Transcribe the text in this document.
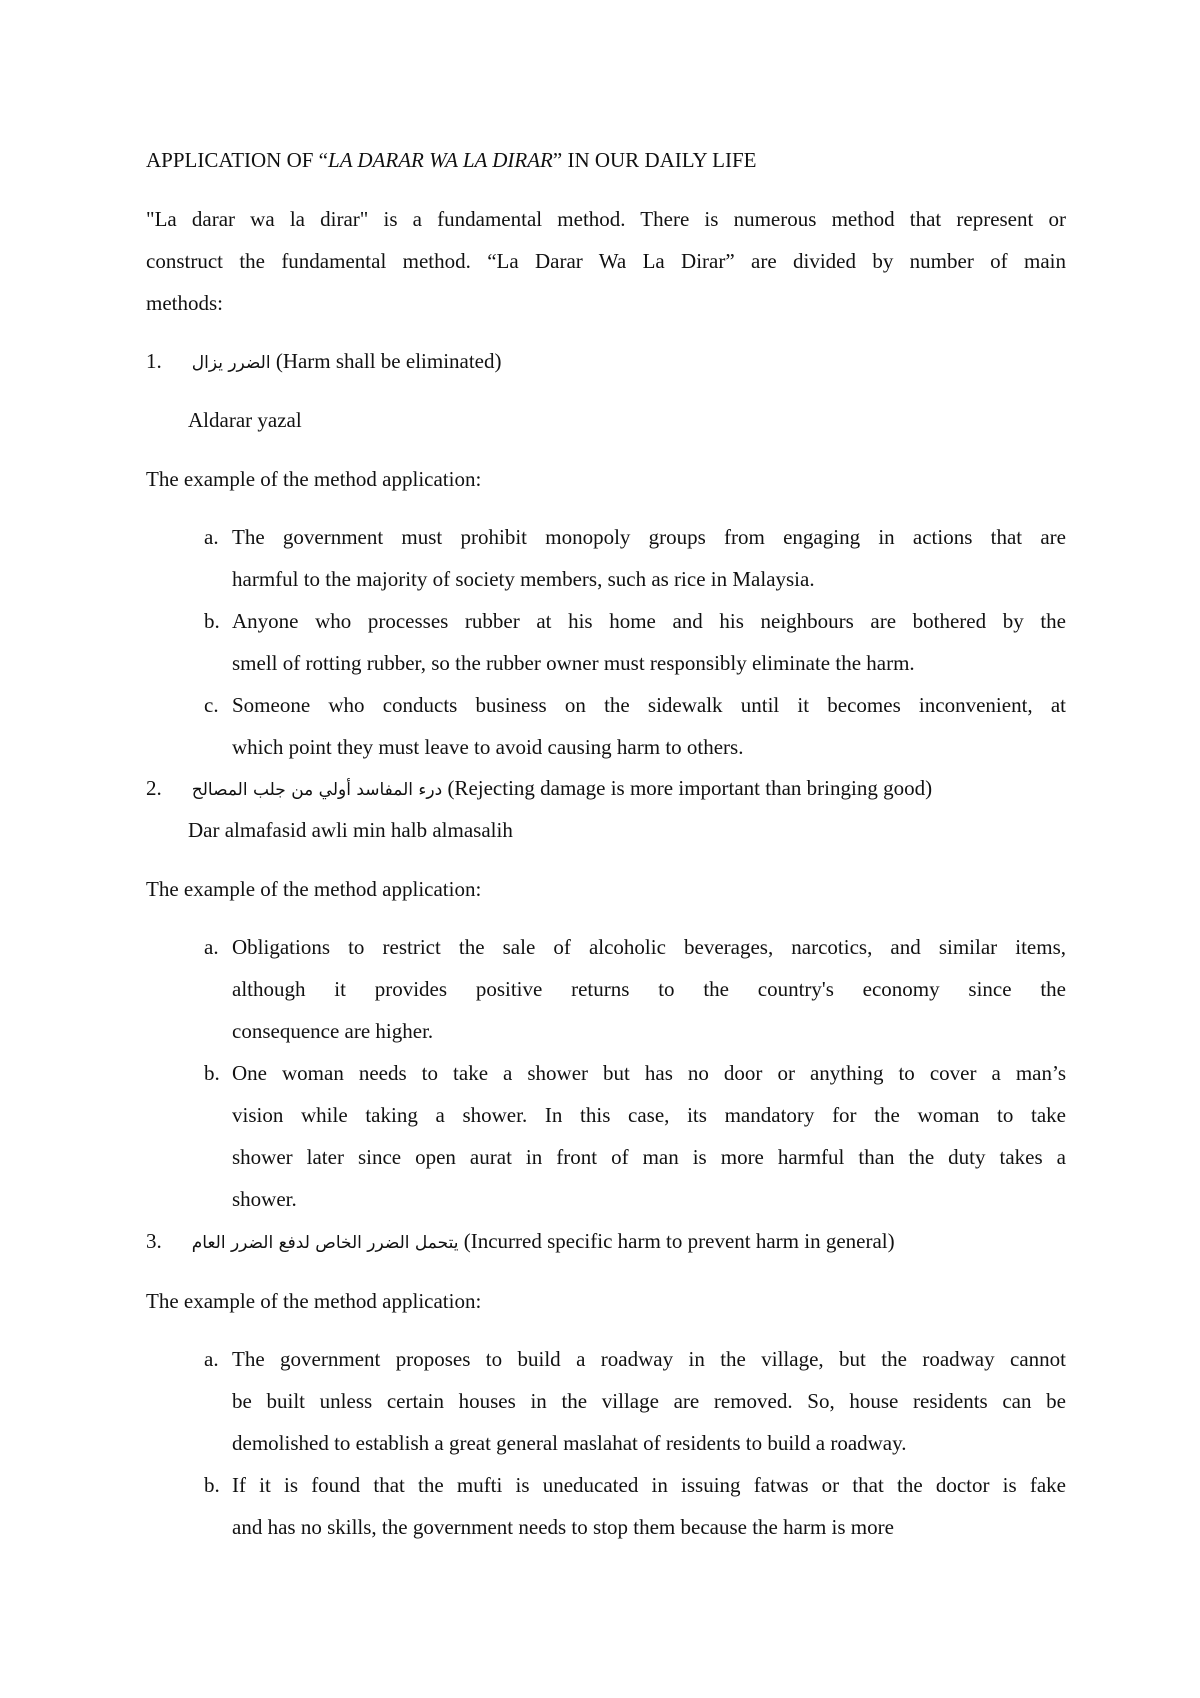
APPLICATION OF “LA DARAR WA LA DIRAR” IN OUR DAILY LIFE
"La darar wa la dirar" is a fundamental method. There is numerous method that represent or
construct the fundamental method. “La Darar Wa La Dirar” are divided by number of main
methods:
1. الضرر يزال (Harm shall be eliminated)
Aldarar yazal
The example of the method application:
a. The government must prohibit monopoly groups from engaging in actions that are
harmful to the majority of society members, such as rice in Malaysia.
b. Anyone who processes rubber at his home and his neighbours are bothered by the
smell of rotting rubber, so the rubber owner must responsibly eliminate the harm.
c. Someone who conducts business on the sidewalk until it becomes inconvenient, at
which point they must leave to avoid causing harm to others.
2. درء المفاسد أولي من جلب المصالح (Rejecting damage is more important than bringing good)
Dar almafasid awli min halb almasalih
The example of the method application:
a. Obligations to restrict the sale of alcoholic beverages, narcotics, and similar items,
although it provides positive returns to the country's economy since the
consequence are higher.
b. One woman needs to take a shower but has no door or anything to cover a man’s
vision while taking a shower. In this case, its mandatory for the woman to take
shower later since open aurat in front of man is more harmful than the duty takes a
shower.
3. يتحمل الضرر الخاص لدفع الضرر العام (Incurred specific harm to prevent harm in general)
The example of the method application:
a. The government proposes to build a roadway in the village, but the roadway cannot
be built unless certain houses in the village are removed. So, house residents can be
demolished to establish a great general maslahat of residents to build a roadway.
b. If it is found that the mufti is uneducated in issuing fatwas or that the doctor is fake
and has no skills, the government needs to stop them because the harm is more
